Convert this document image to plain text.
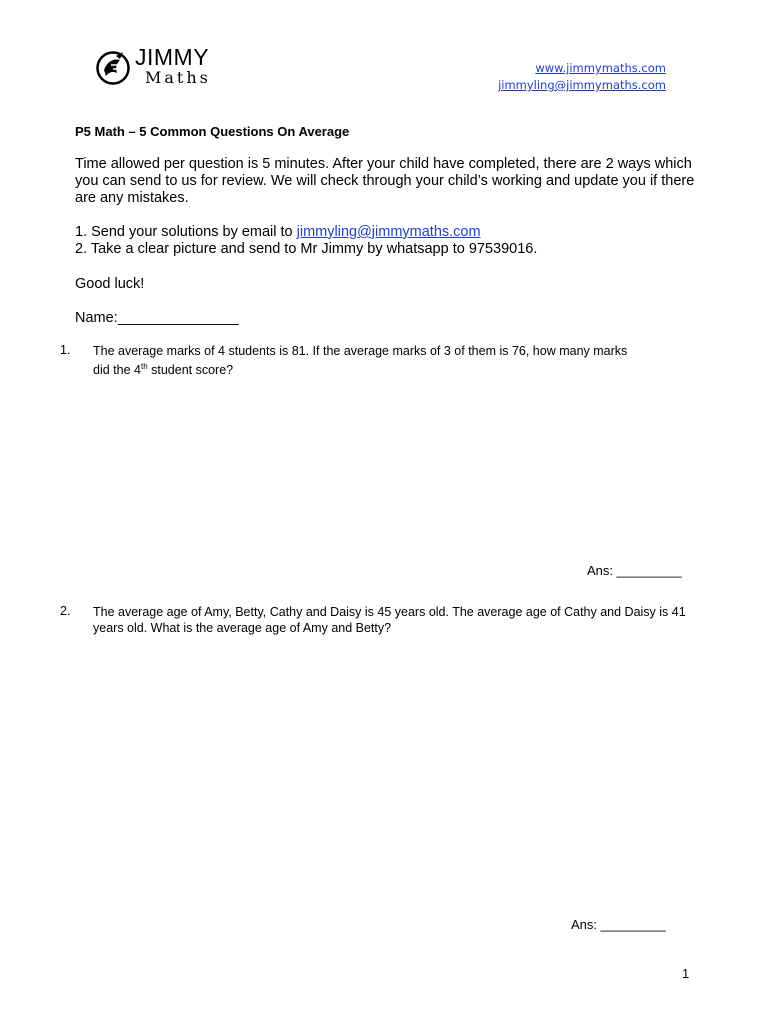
JIMMY
Maths	www.jimmymaths.com
jimmyling@jimmymaths.com
P5 Math – 5 Common Questions On Average

Time allowed per question is 5 minutes. After your child have completed, there are 2 ways which you can send to us for review. We will check through your child’s working and update you if there are any mistakes.

1. Send your solutions by email to jimmyling@jimmymaths.com
2. Take a clear picture and send to Mr Jimmy by whatsapp to 97539016.
Good luck!
Name:_______________
1. The average marks of 4 students is 81. If the average marks of 3 of them is 76, how many marks
did the 4th student score?
Ans: _________
2. The average age of Amy, Betty, Cathy and Daisy is 45 years old. The average age of Cathy and Daisy is 41 years old. What is the average age of Amy and Betty?
Ans: _________
1
